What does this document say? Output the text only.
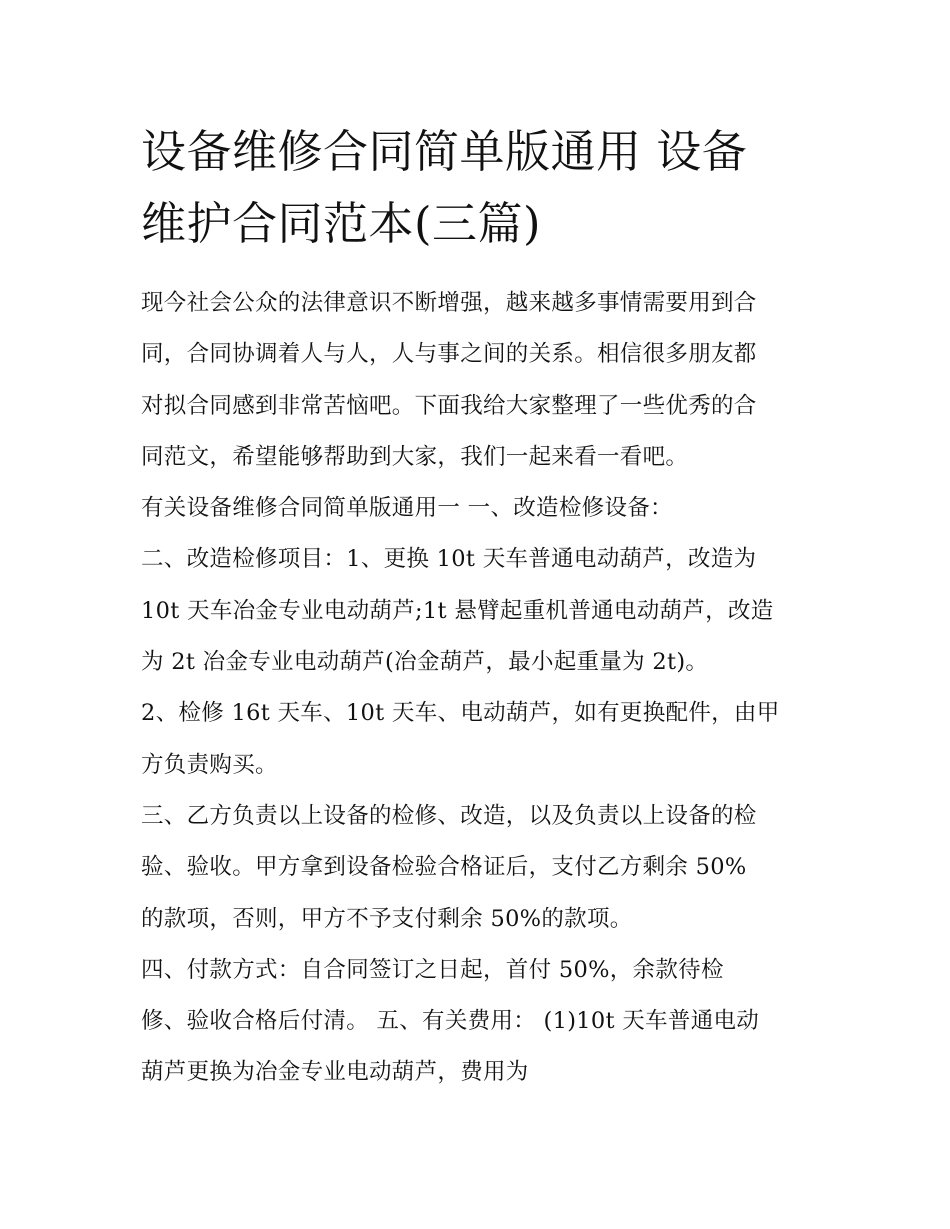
设备维修合同简单版通用 设备
维护合同范本(三篇)
现今社会公众的法律意识不断增强，越来越多事情需要用到合
同，合同协调着人与人，人与事之间的关系。相信很多朋友都
对拟合同感到非常苦恼吧。下面我给大家整理了一些优秀的合
同范文，希望能够帮助到大家，我们一起来看一看吧。
有关设备维修合同简单版通用一 一、改造检修设备：
二、改造检修项目：1、更换 10t 天车普通电动葫芦，改造为
10t 天车冶金专业电动葫芦;1t 悬臂起重机普通电动葫芦，改造
为 2t 冶金专业电动葫芦(冶金葫芦，最小起重量为 2t)。
2、检修 16t 天车、10t 天车、电动葫芦，如有更换配件，由甲
方负责购买。
三、乙方负责以上设备的检修、改造，以及负责以上设备的检
验、验收。甲方拿到设备检验合格证后，支付乙方剩余 50%
的款项，否则，甲方不予支付剩余 50%的款项。
四、付款方式：自合同签订之日起，首付 50%，余款待检
修、验收合格后付清。 五、有关费用： (1)10t 天车普通电动
葫芦更换为冶金专业电动葫芦，费用为
